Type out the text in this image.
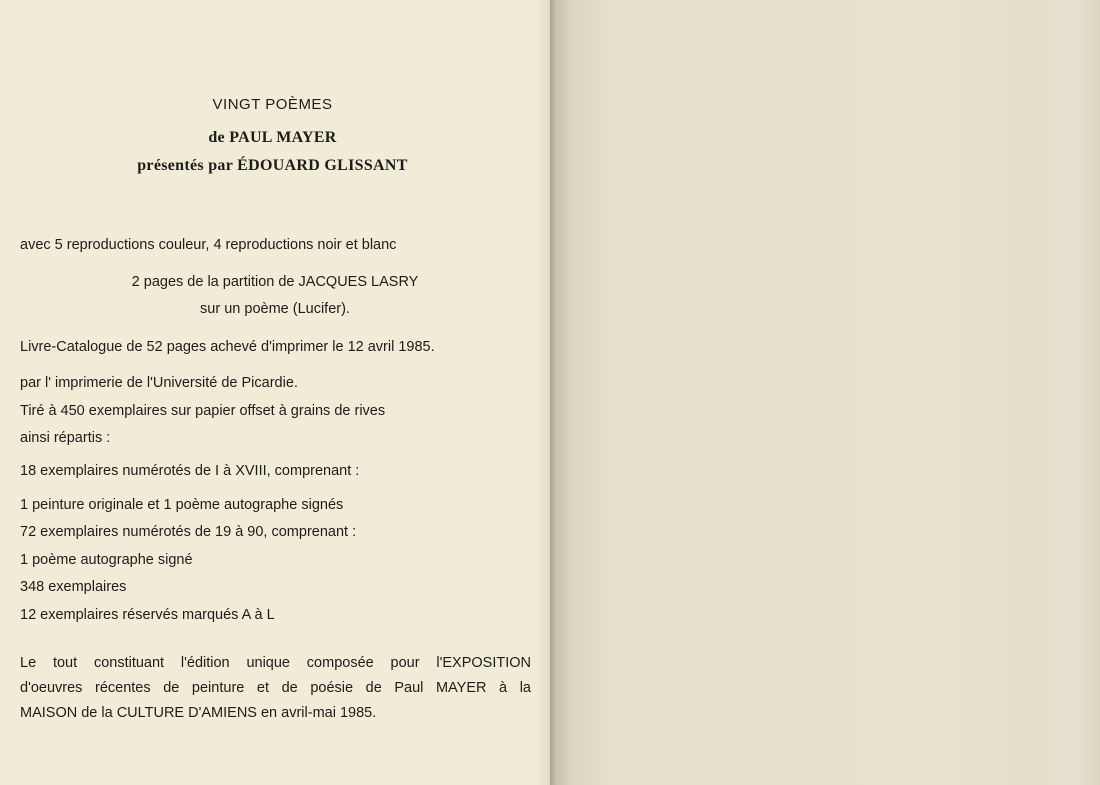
VINGT POÈMES

de PAUL MAYER

présentés par ÉDOUARD GLISSANT

avec 5 reproductions couleur, 4 reproductions noir et blanc

2 pages de la partition de JACQUES LASRY

sur un poème (Lucifer).

Livre-Catalogue de 52 pages achevé d'imprimer le 12 avril 1985.

par l' imprimerie de l'Université de Picardie.

Tiré à 450 exemplaires sur papier offset à grains de rives

ainsi répartis :

18 exemplaires numérotés de I à XVIII, comprenant :

1 peinture originale et 1 poème autographe signés

72 exemplaires numérotés de 19 à 90, comprenant :

1 poème autographe signé

348 exemplaires

12 exemplaires réservés marqués A à L

Le tout constituant l'édition unique composée pour l'EXPOSITION

d'oeuvres récentes de peinture et de poésie de Paul MAYER à la

MAISON de la CULTURE D'AMIENS en avril-mai 1985.
